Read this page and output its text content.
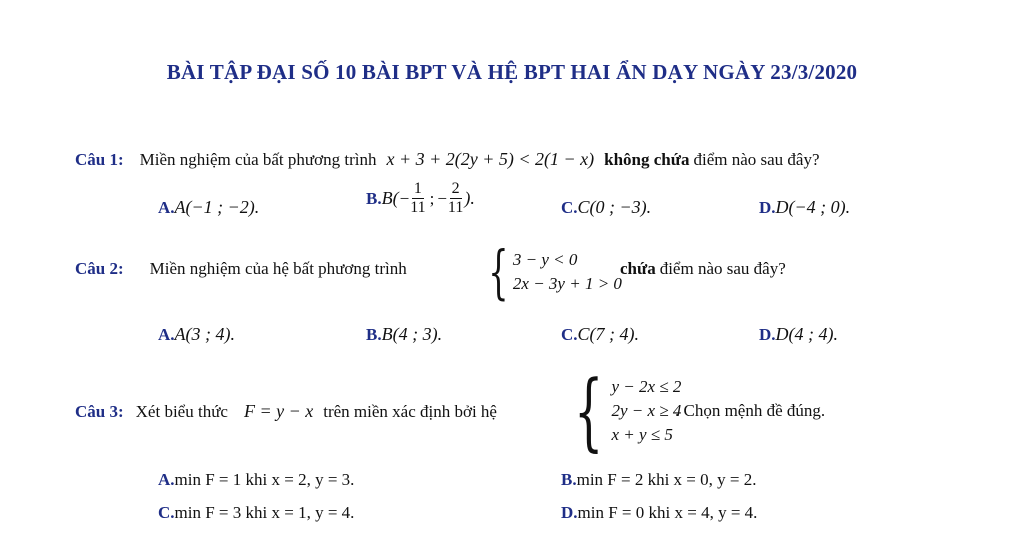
BÀI TẬP ĐẠI SỐ 10 BÀI BPT VÀ HỆ BPT HAI ẨN DẠY NGÀY 23/3/2020
Câu 1: Miền nghiệm của bất phương trình x + 3 + 2(2y + 5) < 2(1 − x) không chứa điểm nào sau đây?
A.A(−1 ; −2).	B. $B( - \frac{1}{11}$ ; − $\frac{2}{11}$ ).	C.C(0 ; −3).	D.D(−4 ; 0).
Câu 2: Miền nghiệm của hệ bất phương trình { 3 − y < 0
2x − 3y + 1 > 0
chứa điểm nào sau đây?
A.A(3 ; 4).	B.B(4 ; 3).	C.C(7 ; 4).	D.D(4 ; 4).
Câu 3: Xét biểu thức F = y − x trên miền xác định bởi hệ { y − 2x ≤ 2
2y − x ≥ 4
x + y ≤ 5
. Chọn mệnh đề đúng.
A.min F = 1 khi x = 2, y = 3.	B.min F = 2 khi x = 0, y = 2.
C.min F = 3 khi x = 1, y = 4.	D.min F = 0 khi x = 4, y = 4.
